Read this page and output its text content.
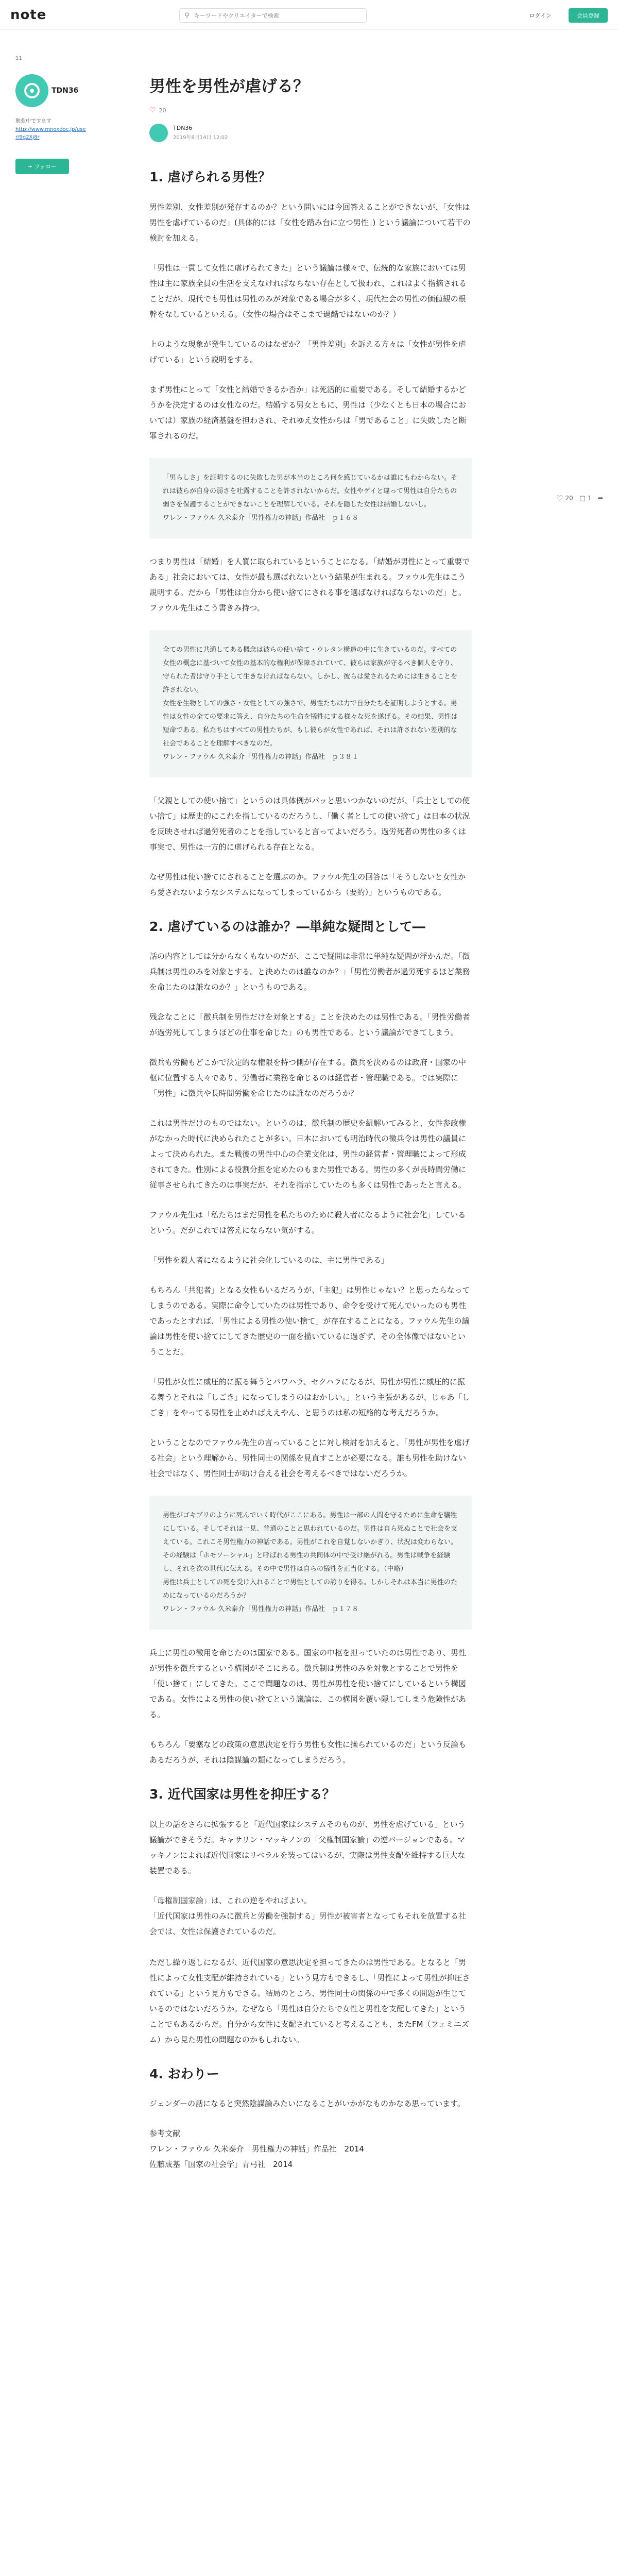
note	⚲
キーワードやクリエイターで検索	ログイン	会員登録
11
TDN36
勉強中ですます
http://www.mnoxdoc.jp/user/9g2Xj8r
+ フォロー
男性を男性が虐げる？
♡ 20
TDN36
2019年8月14日 12:02
1. 虐げられる男性？

男性差別、女性差別が発存するのか？という問いには今回答えることができないが、「女性は男性を虐げているのだ」(具体的には「女性を踏み台に立つ男性」) という議論について若干の検討を加える。

「男性は一貫して女性に虐げられてきた」という議論は様々で、伝統的な家族においては男性は主に家族全員の生活を支えなければならない存在として扱われ、これはよく指摘されることだが、現代でも男性は男性のみが対象である場合が多く、現代社会の男性の価値観の根幹をなしているといえる。（女性の場合はそこまで過酷ではないのか？）

上のような現象が発生しているのはなぜか？「男性差別」を訴える方々は「女性が男性を虐げている」という説明をする。

まず男性にとって「女性と結婚できるか否か」は死活的に重要である。そして結婚するかどうかを決定するのは女性なのだ。結婚する男女ともに、男性は（少なくとも日本の場合においては）家族の経済基盤を担わされ、それゆえ女性からは「男であること」に失敗したと断罪されるのだ。

「男らしさ」を証明するのに失敗した男が本当のところ何を感じているかは誰にもわからない。それは彼らが自身の弱さを吐露することを許されないからだ。女性やゲイと違って男性は自分たちの弱さを保護することができないことを理解している。それを隠した女性は結婚しないし。
ワレン・ファウル 久米泰介「男性権力の神話」作品社　ｐ１６８

つまり男性は「結婚」を人質に取られているということになる。「結婚が男性にとって重要である」社会においては、女性が最も選ばれないという結果が生まれる。ファウル先生はこう説明する。だから「男性は自分から使い捨てにされる事を選ばなければならないのだ」と。ファウル先生はこう書きみ持つ。

全ての男性に共通してある概念は彼らの使い捨て・ウレタン構造の中に生きているのだ。すべての女性の概念に基づいて女性の基本的な権利が保障されていて、彼らは家族が守るべき個人を守り、守られた者は守り手として生きなければならない。しかし、彼らは愛されるためには生きることを許されない。
女性を生物としての強さ・女性としての強さで、男性たちは力で自分たちを証明しようとする。男性は女性の全ての要求に答え、自分たちの生命を犠牲にする様々な死を遂げる。その結果、男性は短命である。私たちはすべての男性たちが、もし彼らが女性であれば、それは許されない差別的な社会であることを理解すべきなのだ。
ワレン・ファウル 久米泰介「男性権力の神話」作品社　ｐ３８１

「父親としての使い捨て」というのは具体例がパッと思いつかないのだが、「兵士としての使い捨て」は歴史的にこれを指しているのだろうし、「働く者としての使い捨て」は日本の状況を反映させれば過労死者のことを指していると言ってよいだろう。過労死者の男性の多くは事実で、男性は一方的に虐げられる存在となる。

なぜ男性は使い捨てにされることを選ぶのか。ファウル先生の回答は「そうしないと女性から愛されないようなシステムになってしまっているから（要約）」というものである。

2. 虐げているのは誰か？―単純な疑問として―

話の内容としては分からなくもないのだが、ここで疑問は非常に単純な疑問が浮かんだ。「徴兵制は男性のみを対象とする。と決めたのは誰なのか？」「男性労働者が過労死するほど業務を命じたのは誰なのか？」というものである。

残念なことに「徴兵制を男性だけを対象とする」ことを決めたのは男性である。「男性労働者が過労死してしまうほどの仕事を命じた」のも男性である。という議論ができてしまう。

徴兵も労働もどこかで決定的な権限を持つ側が存在する。徴兵を決めるのは政府・国家の中枢に位置する人々であり、労働者に業務を命じるのは経営者・管理職である。では実際に「男性」に徴兵や長時間労働を命じたのは誰なのだろうか？

これは男性だけのものではない。というのは、徴兵制の歴史を紐解いてみると、女性参政権がなかった時代に決められたことが多い。日本においても明治時代の徴兵令は男性の議員によって決められた。また戦後の男性中心の企業文化は、男性の経営者・管理職によって形成されてきた。性別による役割分担を定めたのもまた男性である。男性の多くが長時間労働に従事させられてきたのは事実だが、それを指示していたのも多くは男性であったと言える。

ファウル先生は「私たちはまだ男性を私たちのために殺人者になるように社会化」しているという。だがこれでは答えにならない気がする。

「男性を殺人者になるように社会化しているのは、主に男性である」

もちろん「共犯者」となる女性もいるだろうが、「主犯」は男性じゃない？と思ったらなってしまうのである。実際に命令していたのは男性であり、命令を受けて死んでいったのも男性であったとすれば、「男性による男性の使い捨て」が存在することになる。ファウル先生の議論は男性を使い捨てにしてきた歴史の一面を描いているに過ぎず、その全体像ではないということだ。

「男性が女性に威圧的に振る舞うとパワハラ、セクハラになるが、男性が男性に威圧的に振る舞うとそれは「しごき」になってしまうのはおかしい。」という主張があるが、じゃあ「しごき」をやってる男性を止めればええやん、と思うのは私の短絡的な考えだろうか。

ということなのでファウル先生の言っていることに対し検討を加えると、「男性が男性を虐げる社会」という理解から、男性同士の関係を見直すことが必要になる。誰も男性を助けない社会ではなく、男性同士が助け合える社会を考えるべきではないだろうか。

男性がゴキブリのように死んでいく時代がここにある。男性は一部の人間を守るために生命を犠牲にしている。そしてそれは一見、普通のことと思われているのだ。男性は自ら死ぬことで社会を支えている。これこそ男性権力の神話である。男性がこれを自覚しないかぎり、状況は変わらない。
その経験は「ホモソーシャル」と呼ばれる男性の共同体の中で受け継がれる。男性は戦争を経験し、それを次の世代に伝える。その中で男性は自らの犠牲を正当化する。（中略）
男性は兵士としての死を受け入れることで男性としての誇りを得る。しかしそれは本当に男性のためになっているのだろうか？
ワレン・ファウル 久米泰介「男性権力の神話」作品社　ｐ１７８

兵士に男性の徴用を命じたのは国家である。国家の中枢を担っていたのは男性であり、男性が男性を徴兵するという構図がそこにある。徴兵制は男性のみを対象とすることで男性を「使い捨て」にしてきた。ここで問題なのは、男性が男性を使い捨てにしているという構図である。女性による男性の使い捨てという議論は、この構図を覆い隠してしまう危険性がある。

もちろん「要塞などの政策の意思決定を行う男性も女性に操られているのだ」という反論もあるだろうが、それは陰謀論の類になってしまうだろう。

3. 近代国家は男性を抑圧する？

以上の話をさらに拡張すると「近代国家はシステムそのものが、男性を虐げている」という議論ができそうだ。キャサリン・マッキノンの「父権制国家論」の逆バージョンである。マッキノンによれば近代国家はリベラルを装ってはいるが、実際は男性支配を維持する巨大な装置である。

「母権制国家論」は、これの逆をやればよい。
「近代国家は男性のみに徴兵と労働を強制する」男性が被害者となってもそれを放置する社会では、女性は保護されているのだ。

ただし繰り返しになるが、近代国家の意思決定を担ってきたのは男性である。となると「男性によって女性支配が維持されている」という見方もできるし、「男性によって男性が抑圧されている」という見方もできる。結局のところ、男性同士の関係の中で多くの問題が生じているのではないだろうか。なぜなら「男性は自分たちで女性と男性を支配してきた」ということでもあるからだ。自分から女性に支配されていると考えることも、またFM（フェミニズム）から見た男性の問題なのかもしれない。

4. おわりー

ジェンダーの話になると突然陰謀論みたいになることがいかがなものかなあ思っています。

参考文献
ワレン・ファウル 久米泰介「男性権力の神話」作品社　2014
佐藤成基「国家の社会学」青弓社　2014

♡ 20 □ 1 ➦
